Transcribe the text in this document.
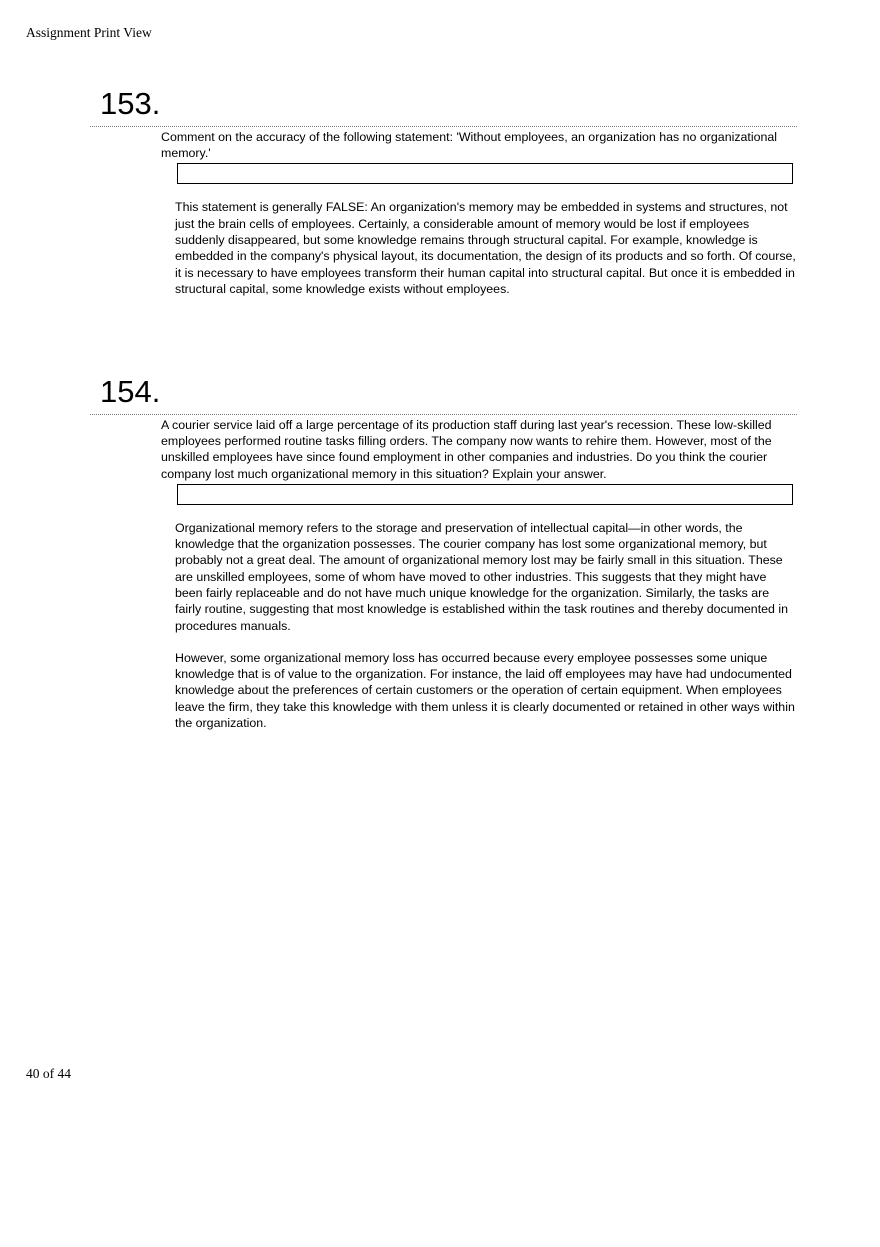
Assignment Print View
153.
Comment on the accuracy of the following statement: 'Without employees, an organization has no organizational memory.'

This statement is generally FALSE: An organization's memory may be embedded in systems and structures, not just the brain cells of employees. Certainly, a considerable amount of memory would be lost if employees suddenly disappeared, but some knowledge remains through structural capital. For example, knowledge is embedded in the company's physical layout, its documentation, the design of its products and so forth. Of course, it is necessary to have employees transform their human capital into structural capital. But once it is embedded in structural capital, some knowledge exists without employees.

154.
A courier service laid off a large percentage of its production staff during last year's recession. These low-skilled employees performed routine tasks filling orders. The company now wants to rehire them. However, most of the unskilled employees have since found employment in other companies and industries. Do you think the courier company lost much organizational memory in this situation? Explain your answer.

Organizational memory refers to the storage and preservation of intellectual capital—in other words, the knowledge that the organization possesses. The courier company has lost some organizational memory, but probably not a great deal. The amount of organizational memory lost may be fairly small in this situation. These are unskilled employees, some of whom have moved to other industries. This suggests that they might have been fairly replaceable and do not have much unique knowledge for the organization. Similarly, the tasks are fairly routine, suggesting that most knowledge is established within the task routines and thereby documented in procedures manuals.

However, some organizational memory loss has occurred because every employee possesses some unique knowledge that is of value to the organization. For instance, the laid off employees may have had undocumented knowledge about the preferences of certain customers or the operation of certain equipment. When employees leave the firm, they take this knowledge with them unless it is clearly documented or retained in other ways within the organization.

40 of 44
